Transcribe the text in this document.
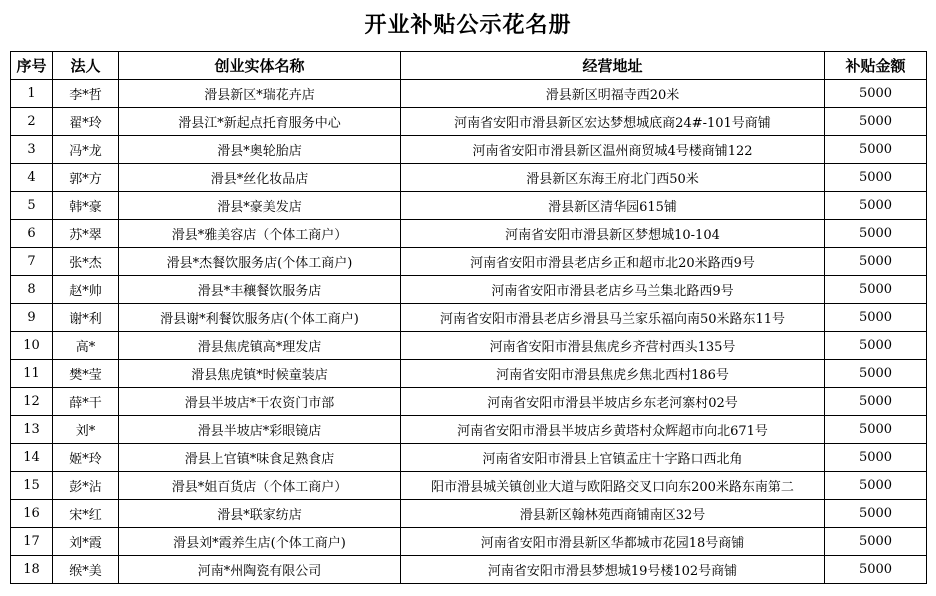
开业补贴公示花名册
序号	法人	创业实体名称	经营地址	补贴金额
1	李*哲	滑县新区*瑞花卉店	滑县新区明福寺西20米	5000
2	翟*玲	滑县江*新起点托育服务中心	河南省安阳市滑县新区宏达梦想城底商24#-101号商铺	5000
3	冯*龙	滑县*奥轮胎店	河南省安阳市滑县新区温州商贸城4号楼商铺122	5000
4	郭*方	滑县*丝化妆品店	滑县新区东海王府北门西50米	5000
5	韩*豪	滑县*豪美发店	滑县新区清华园615铺	5000
6	苏*翠	滑县*雅美容店（个体工商户）	河南省安阳市滑县新区梦想城10-104	5000
7	张*杰	滑县*杰餐饮服务店(个体工商户)	河南省安阳市滑县老店乡正和超市北20米路西9号	5000
8	赵*帅	滑县*丰穰餐饮服务店	河南省安阳市滑县老店乡马兰集北路西9号	5000
9	谢*利	滑县谢*利餐饮服务店(个体工商户)	河南省安阳市滑县老店乡滑县马兰家乐福向南50米路东11号	5000
10	高*	滑县焦虎镇高*理发店	河南省安阳市滑县焦虎乡齐营村西头135号	5000
11	樊*莹	滑县焦虎镇*时候童装店	河南省安阳市滑县焦虎乡焦北西村186号	5000
12	薛*干	滑县半坡店*干农资门市部	河南省安阳市滑县半坡店乡东老河寨村02号	5000
13	刘*	滑县半坡店*彩眼镜店	河南省安阳市滑县半坡店乡黄塔村众辉超市向北671号	5000
14	姬*玲	滑县上官镇*味食足熟食店	河南省安阳市滑县上官镇孟庄十字路口西北角	5000
15	彭*沾	滑县*姐百货店（个体工商户）	阳市滑县城关镇创业大道与欧阳路交叉口向东200米路东南第二	5000
16	宋*红	滑县*联家纺店	滑县新区翰林苑西商铺南区32号	5000
17	刘*霞	滑县刘*霞养生店(个体工商户)	河南省安阳市滑县新区华都城市花园18号商铺	5000
18	缑*美	河南*州陶瓷有限公司	河南省安阳市滑县梦想城19号楼102号商铺	5000
